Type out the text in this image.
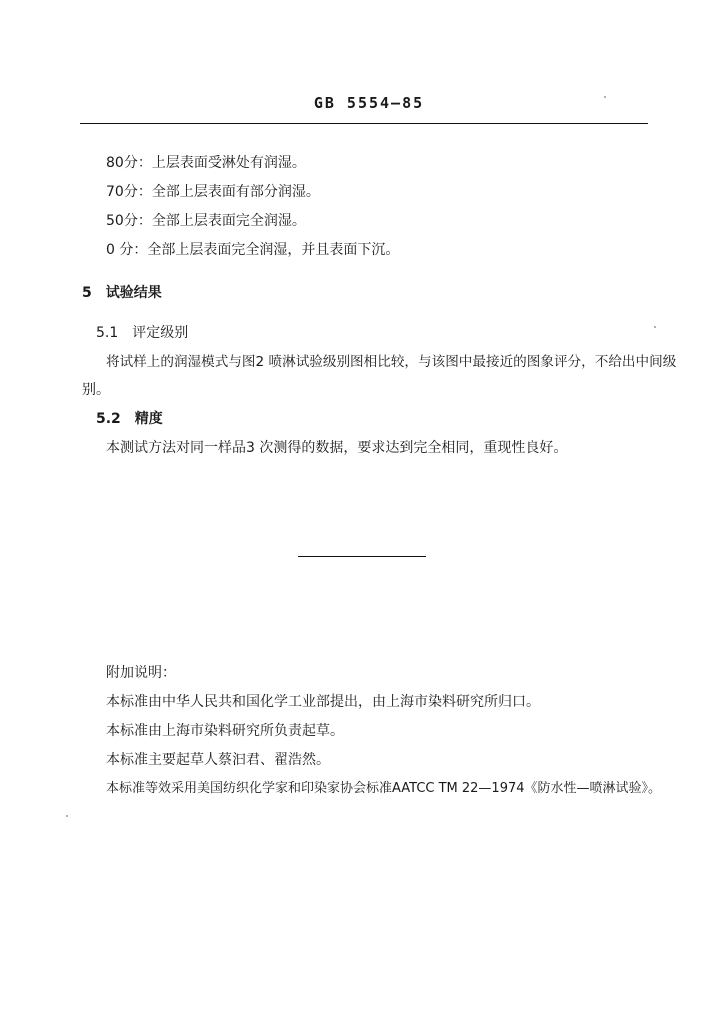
GB 5554—85
80分：上层表面受淋处有润湿。
70分：全部上层表面有部分润湿。
50分：全部上层表面完全润湿。
0 分：全部上层表面完全润湿，并且表面下沉。
5　试验结果
5.1　评定级别
将试样上的润湿模式与图2 喷淋试验级别图相比较，与该图中最接近的图象评分，不给出中间级
别。
5.2　精度
本测试方法对同一样品3 次测得的数据，要求达到完全相同，重现性良好。
附加说明：
本标准由中华人民共和国化学工业部提出，由上海市染料研究所归口。
本标准由上海市染料研究所负责起草。
本标准主要起草人蔡汩君、翟浩然。
本标准等效采用美国纺织化学家和印染家协会标准AATCC TM 22—1974《防水性—喷淋试验》。
